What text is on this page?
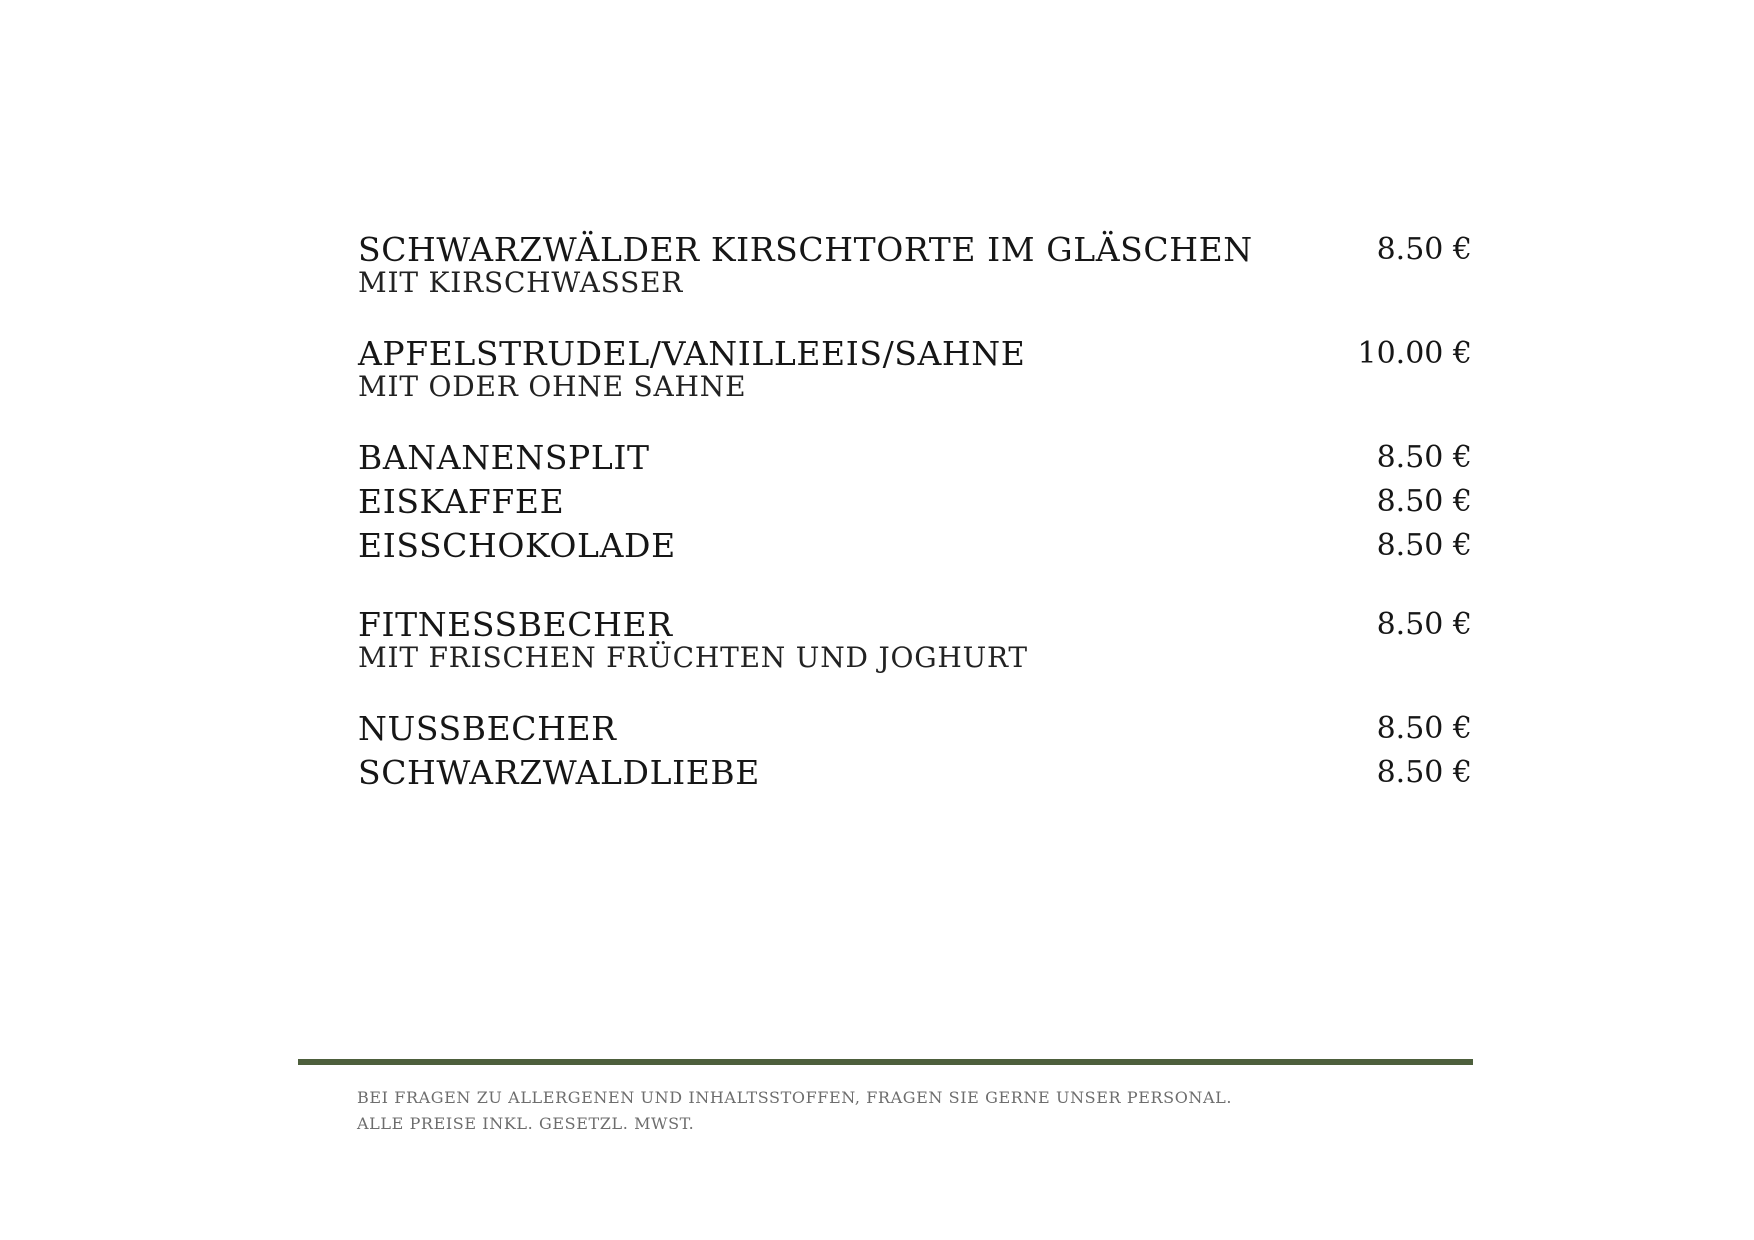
SCHWARZWÄLDER KIRSCHTORTE IM GLÄSCHEN	8.50 €
MIT KIRSCHWASSER
APFELSTRUDEL/VANILLEEIS/SAHNE	10.00 €
MIT ODER OHNE SAHNE
BANANENSPLIT	8.50 €
EISKAFFEE	8.50 €
EISSCHOKOLADE	8.50 €
FITNESSBECHER	8.50 €
MIT FRISCHEN FRÜCHTEN UND JOGHURT
NUSSBECHER	8.50 €
SCHWARZWALDLIEBE	8.50 €
BEI FRAGEN ZU ALLERGENEN UND INHALTSSTOFFEN, FRAGEN SIE GERNE UNSER PERSONAL.
ALLE PREISE INKL. GESETZL. MWST.
